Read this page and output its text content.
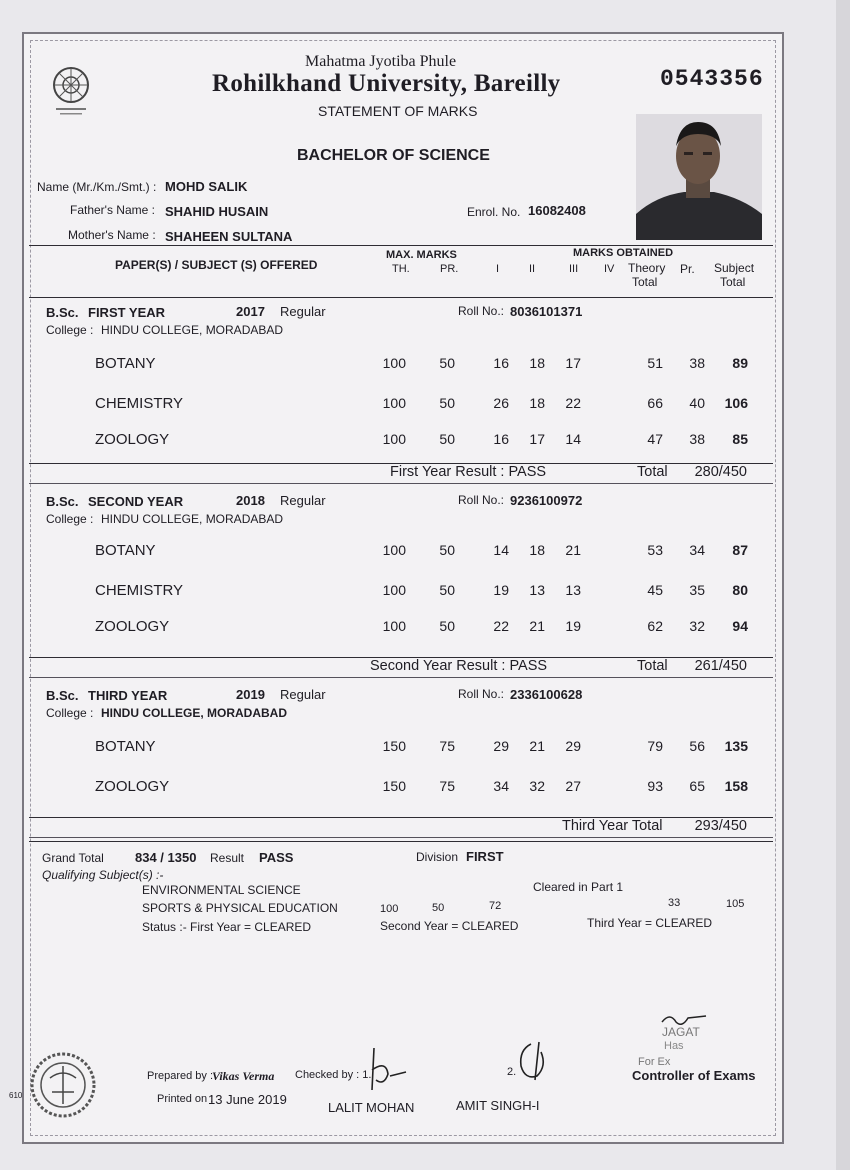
Mahatma Jyotiba Phule
Rohilkhand University, Bareilly
STATEMENT OF MARKS
0543356
BACHELOR OF SCIENCE
Name (Mr./Km./Smt.) : MOHD SALIK
Father's Name : SHAHID HUSAIN	Enrol. No. 16082408
Mother's Name : SHAHEEN SULTANA
PAPER(S) / SUBJECT (S) OFFERED
MAX. MARKS
TH.	PR.
MARKS OBTAINED
I	II	III IV Theory
Total
Pr. Subject
Total
B.Sc. FIRST YEAR	2017 Regular	Roll No.: 8036101371
College : HINDU COLLEGE, MORADABAD
BOTANY	100 50	16 18 17	51 38 89
CHEMISTRY	100 50	26 18 22	66 40 106
ZOOLOGY	100 50	16 17 14	47 38 85
First Year Result : PASS	Total 280/450
B.Sc. SECOND YEAR	2018 Regular	Roll No.: 9236100972
College : HINDU COLLEGE, MORADABAD
BOTANY	100 50	14 18 21	53 34 87
CHEMISTRY	100 50	19 13 13	45 35 80
ZOOLOGY	100 50	22 21 19	62 32 94
Second Year Result : PASS	Total 261/450
B.Sc. THIRD YEAR	2019 Regular	Roll No.: 2336100628
College : HINDU COLLEGE, MORADABAD
BOTANY	150 75	29 21 29	79 56 135
ZOOLOGY	150 75	34 32 27	93 65 158
Third Year Total 293/450
Grand Total 834 / 1350 Result PASS	Division FIRST
Qualifying Subject(s) :-
ENVIRONMENTAL SCIENCE	Cleared in Part 1
SPORTS & PHYSICAL EDUCATION	100	50	72	33	105
Status :- First Year = CLEARED	Second Year = CLEARED	Third Year = CLEARED
610
Prepared by :
Vikas Verma Checked by : 1.
Printed on :
13 June 2019
LALIT MOHAN
2.
AMIT SINGH-I
JAGAT
Has
For Ex
Controller of Exams
